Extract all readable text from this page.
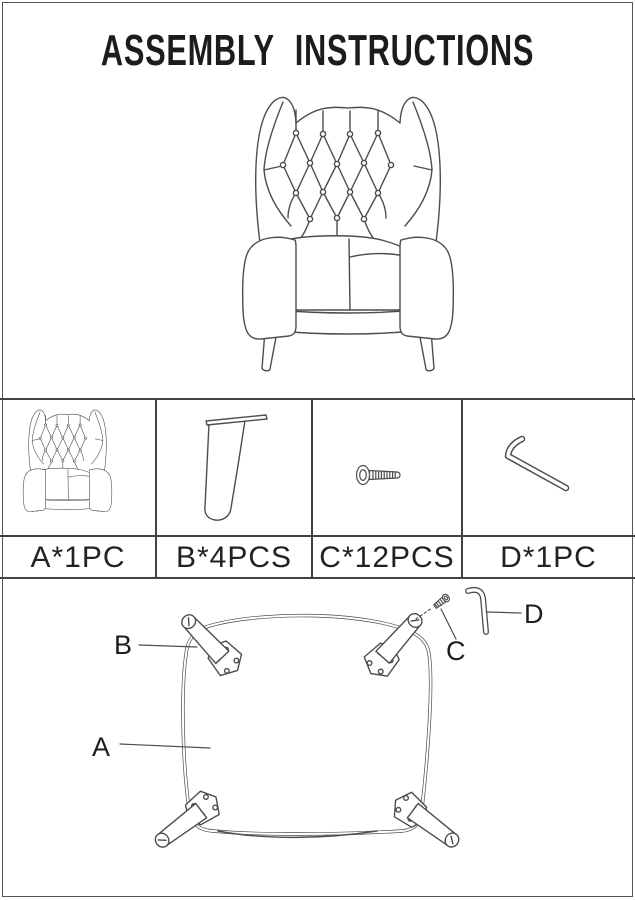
ASSEMBLY INSTRUCTIONS
A*1PC	B*4PCS C*12PCS	D*1PC
A
B	C
D
